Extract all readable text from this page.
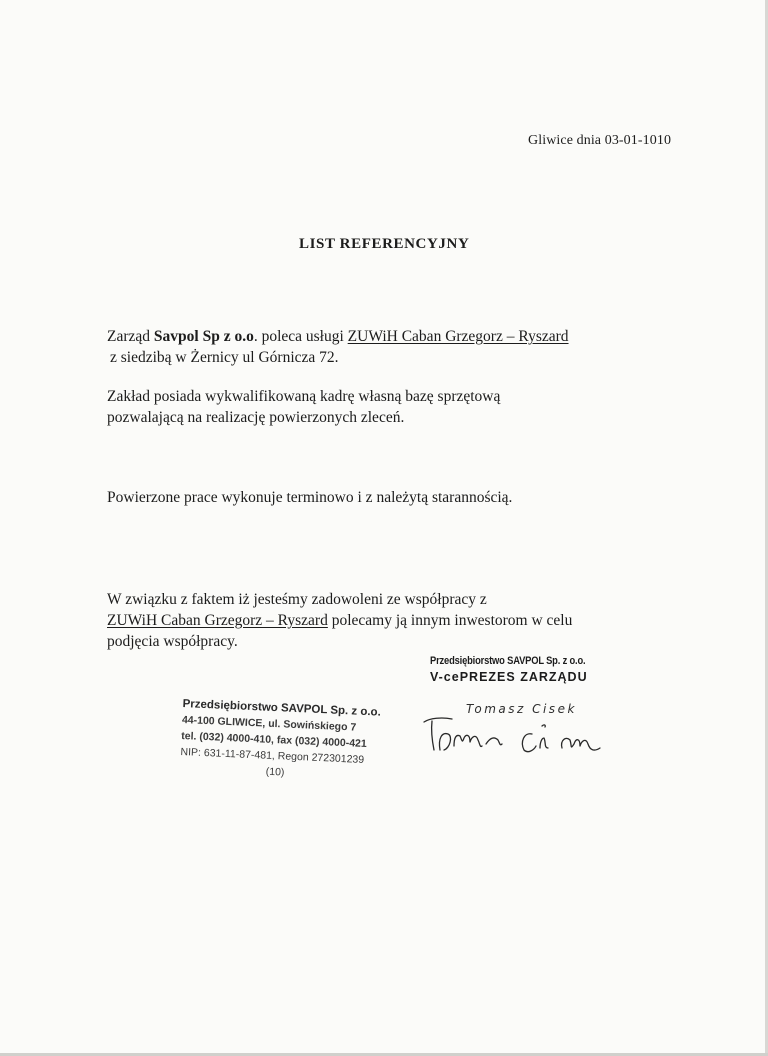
Gliwice dnia 03-01-1010
LIST REFERENCYJNY
Zarząd Savpol Sp z o.o. poleca usługi ZUWiH Caban Grzegorz – Ryszard
z siedzibą w Żernicy ul Górnicza 72.
Zakład posiada wykwalifikowaną kadrę własną bazę sprzętową
pozwalającą na realizację powierzonych zleceń.
Powierzone prace wykonuje terminowo i z należytą starannością.
W związku z faktem iż jesteśmy zadowoleni ze współpracy z
ZUWiH Caban Grzegorz – Ryszard polecamy ją innym inwestorom w celu
podjęcia współpracy.
Przedsiębiorstwo SAVPOL Sp. z o.o.
V-cePREZES ZARZĄDU
Przedsiębiorstwo SAVPOL Sp. z o.o.
44-100 GLIWICE, ul. Sowińskiego 7
tel. (032) 4000-410, fax (032) 4000-421
NIP: 631-11-87-481, Regon 272301239
(10)
Tomasz Cisek
